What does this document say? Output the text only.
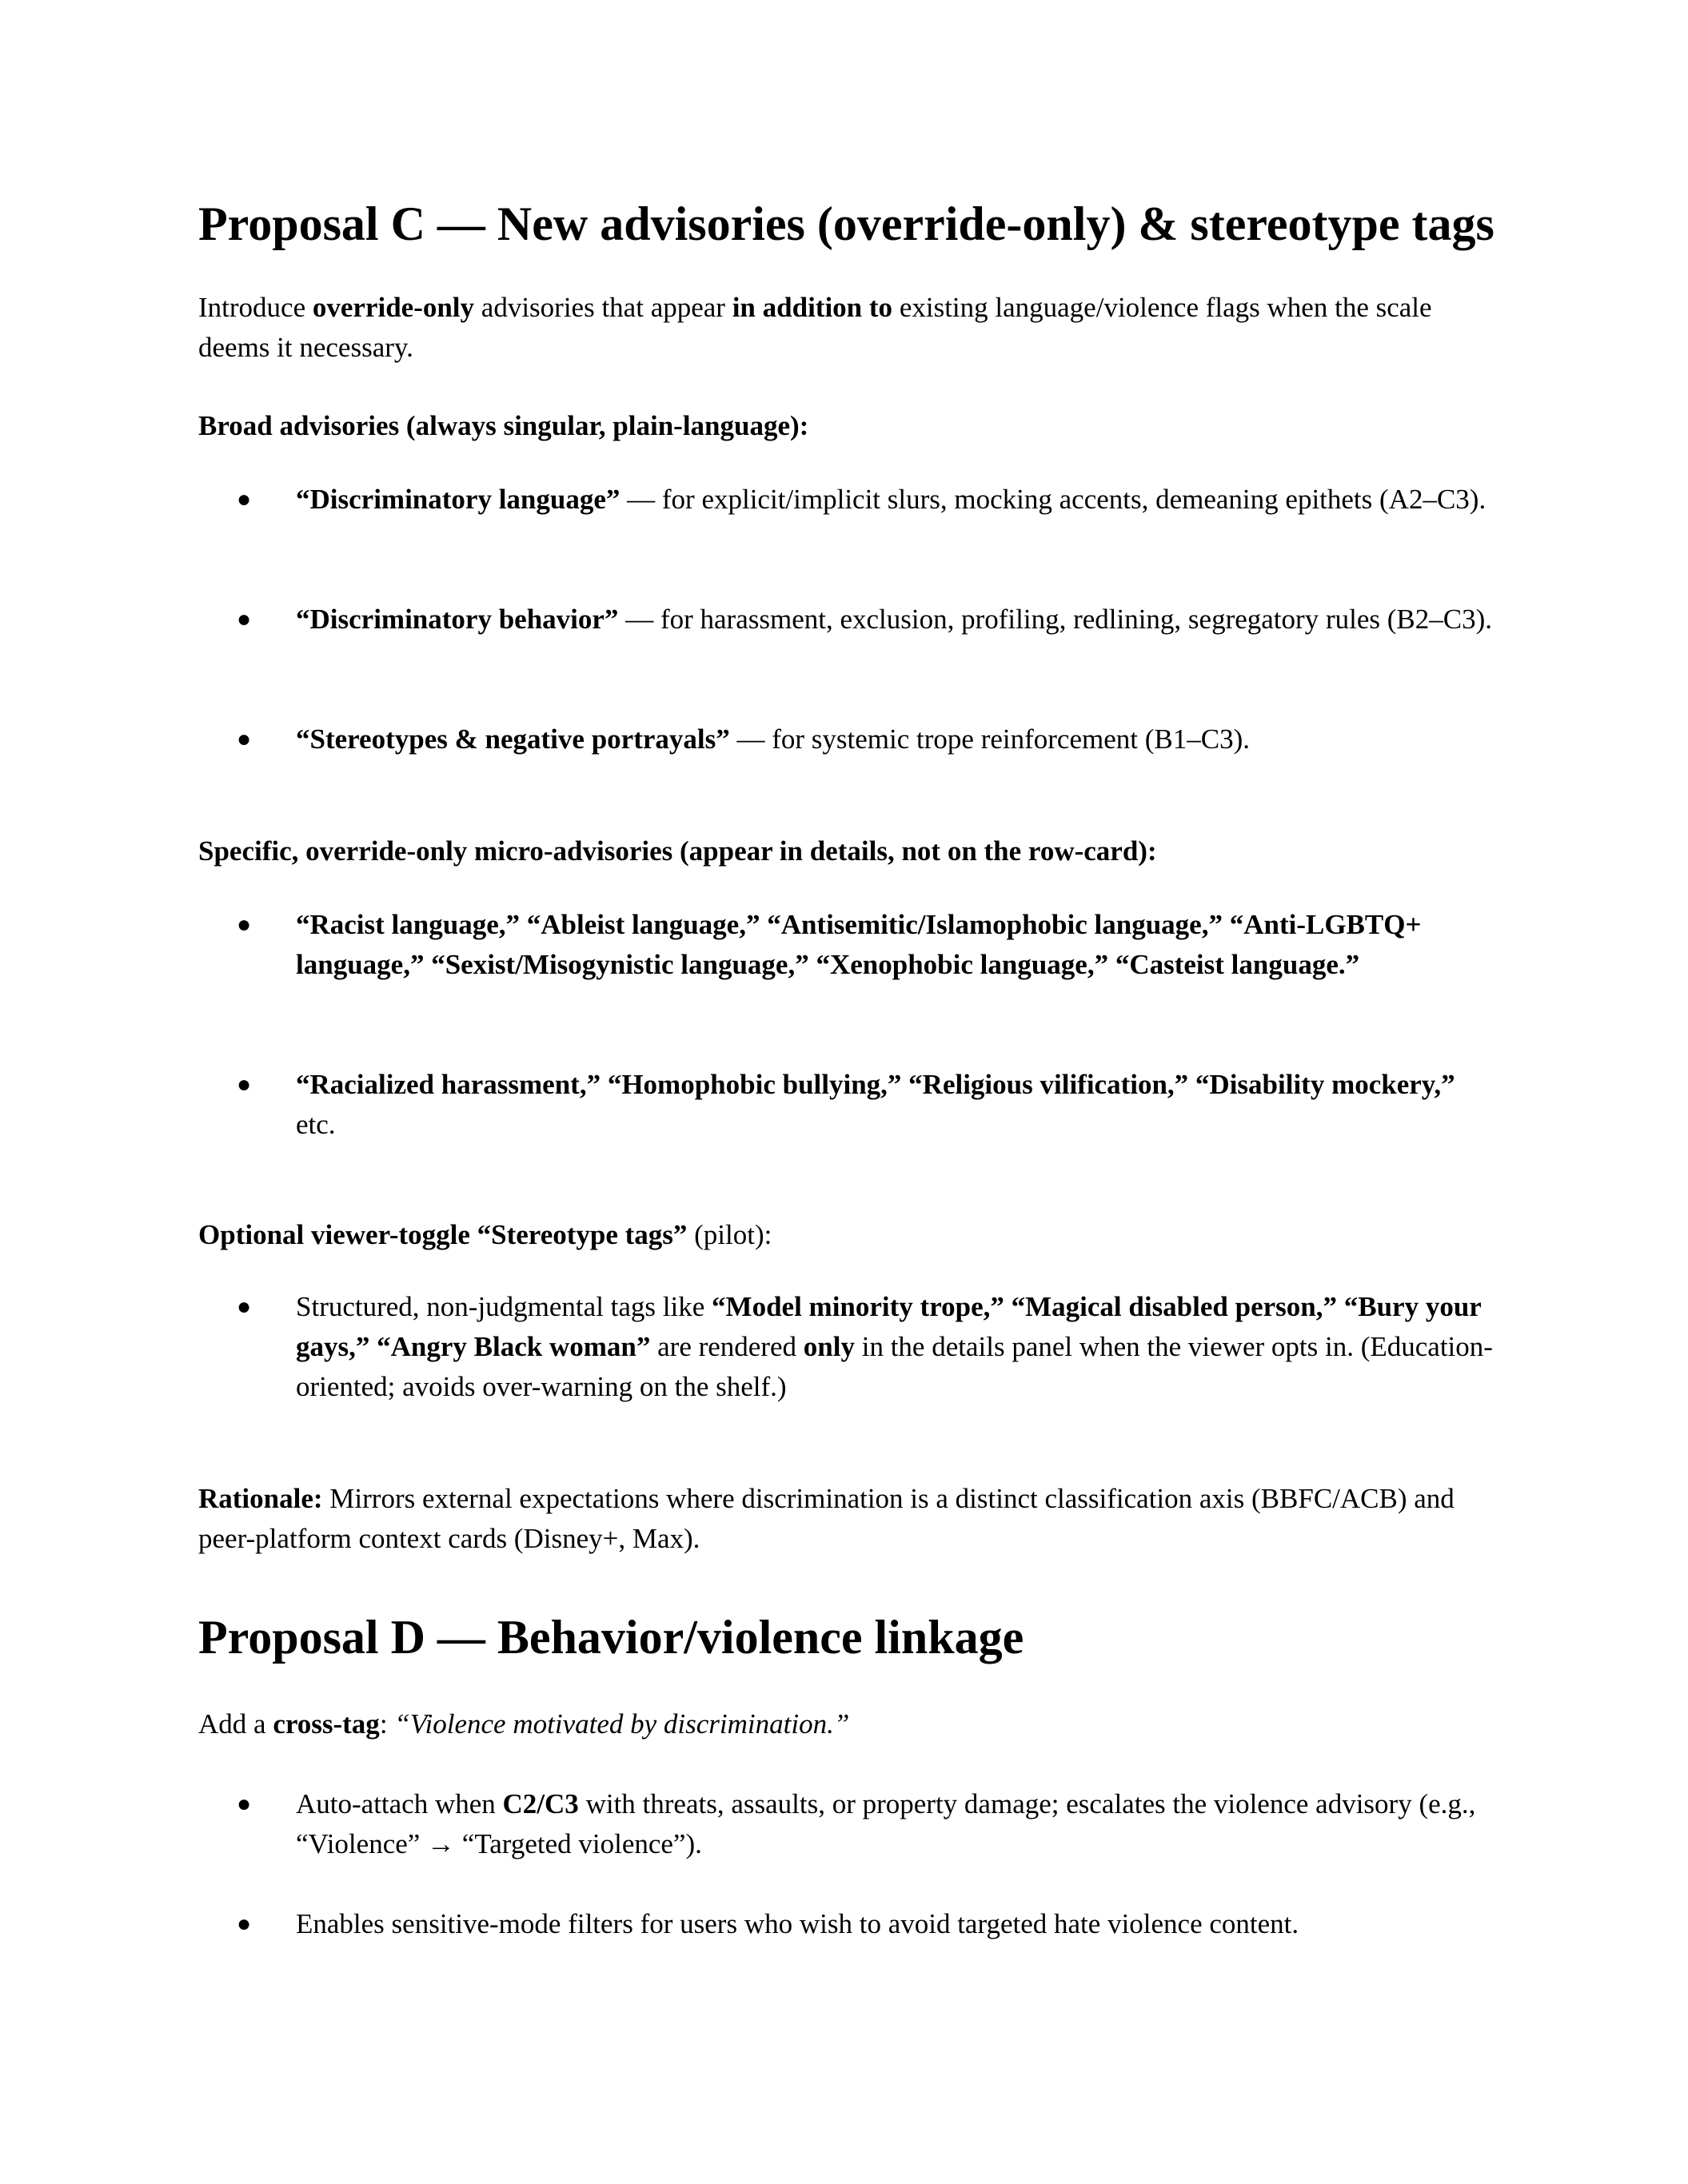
Proposal C — New advisories (override-only) & stereotype tags

Introduce override-only advisories that appear in addition to existing language/violence flags when the scale deems it necessary.

Broad advisories (always singular, plain-language):

● “Discriminatory language” — for explicit/implicit slurs, mocking accents, demeaning epithets (A2–C3).

● “Discriminatory behavior” — for harassment, exclusion, profiling, redlining, segregatory rules (B2–C3).

● “Stereotypes & negative portrayals” — for systemic trope reinforcement (B1–C3).

Specific, override-only micro-advisories (appear in details, not on the row-card):

● “Racist language,” “Ableist language,” “Antisemitic/Islamophobic language,” “Anti-LGBTQ+ language,” “Sexist/Misogynistic language,” “Xenophobic language,” “Casteist language.”

● “Racialized harassment,” “Homophobic bullying,” “Religious vilification,” “Disability mockery,” etc.

Optional viewer-toggle “Stereotype tags” (pilot):

● Structured, non-judgmental tags like “Model minority trope,” “Magical disabled person,” “Bury your gays,” “Angry Black woman” are rendered only in the details panel when the viewer opts in. (Education-oriented; avoids over-warning on the shelf.)

Rationale: Mirrors external expectations where discrimination is a distinct classification axis (BBFC/ACB) and peer-platform context cards (Disney+, Max).

Proposal D — Behavior/violence linkage

Add a cross-tag: “Violence motivated by discrimination.”

● Auto-attach when C2/C3 with threats, assaults, or property damage; escalates the violence advisory (e.g., “Violence” → “Targeted violence”).

● Enables sensitive-mode filters for users who wish to avoid targeted hate violence content.
